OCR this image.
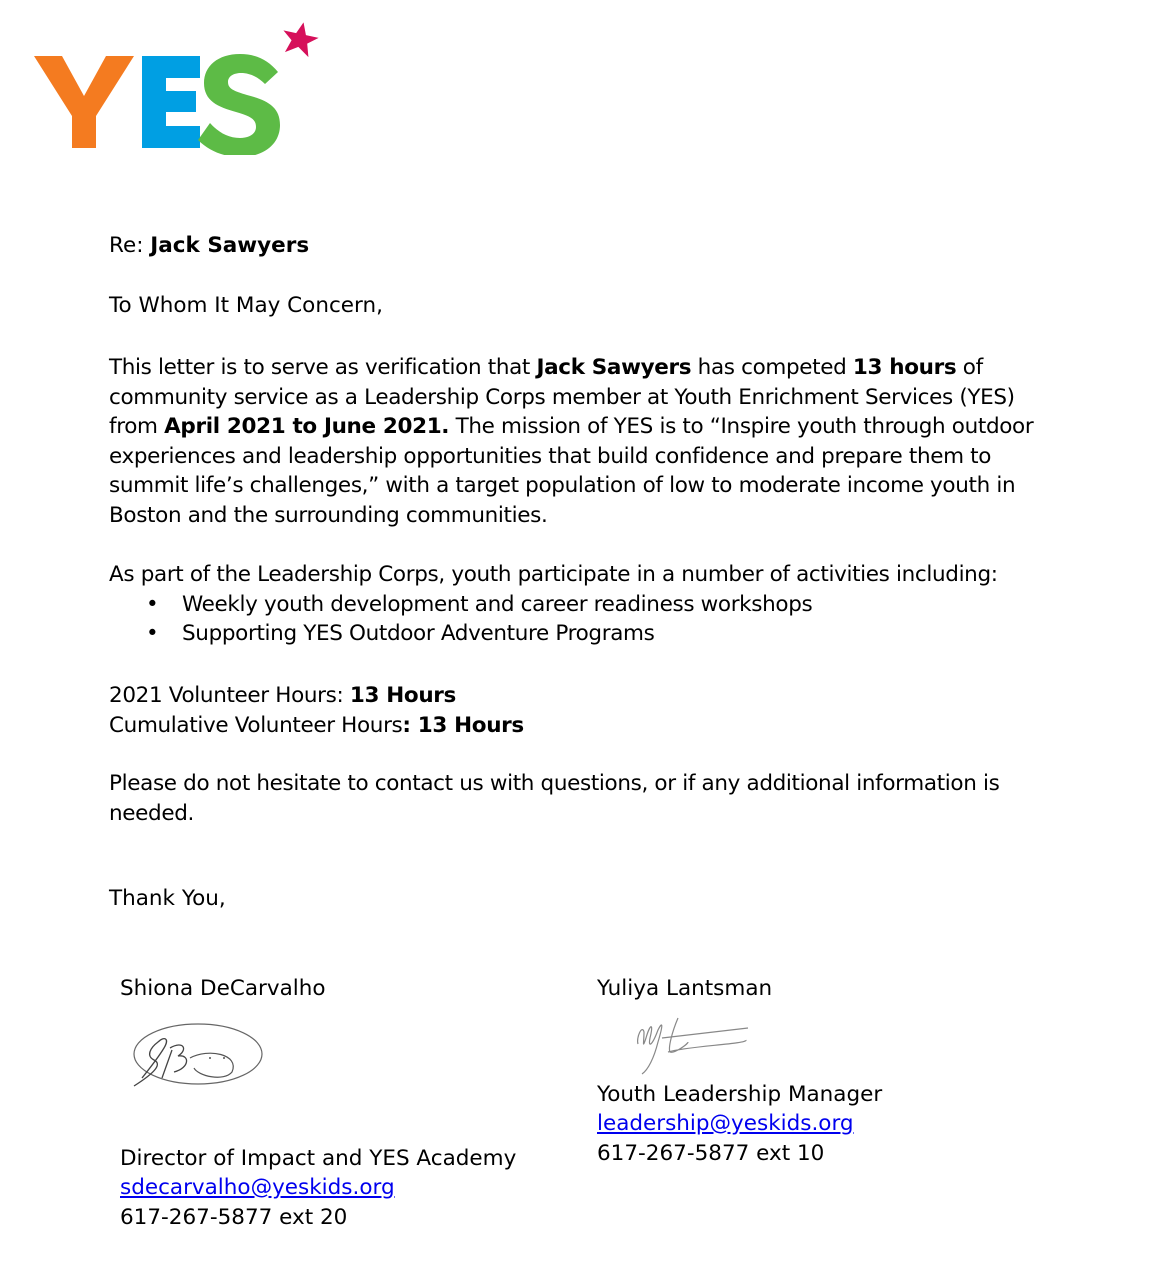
Re: Jack Sawyers
To Whom It May Concern,

This letter is to serve as verification that Jack Sawyers has competed 13 hours of community service as a Leadership Corps member at Youth Enrichment Services (YES) from April 2021 to June 2021. The mission of YES is to “Inspire youth through outdoor experiences and leadership opportunities that build confidence and prepare them to summit life’s challenges,” with a target population of low to moderate income youth in Boston and the surrounding communities.

As part of the Leadership Corps, youth participate in a number of activities including:

• Weekly youth development and career readiness workshops
• Supporting YES Outdoor Adventure Programs

2021 Volunteer Hours: 13 Hours

Cumulative Volunteer Hours: 13 Hours

Please do not hesitate to contact us with questions, or if any additional information is needed.
Thank You,
Shiona DeCarvalho
Director of Impact and YES Academy
sdecarvalho@yeskids.org
617-267-5877 ext 20
Yuliya Lantsman
Youth Leadership Manager
leadership@yeskids.org
617-267-5877 ext 10
